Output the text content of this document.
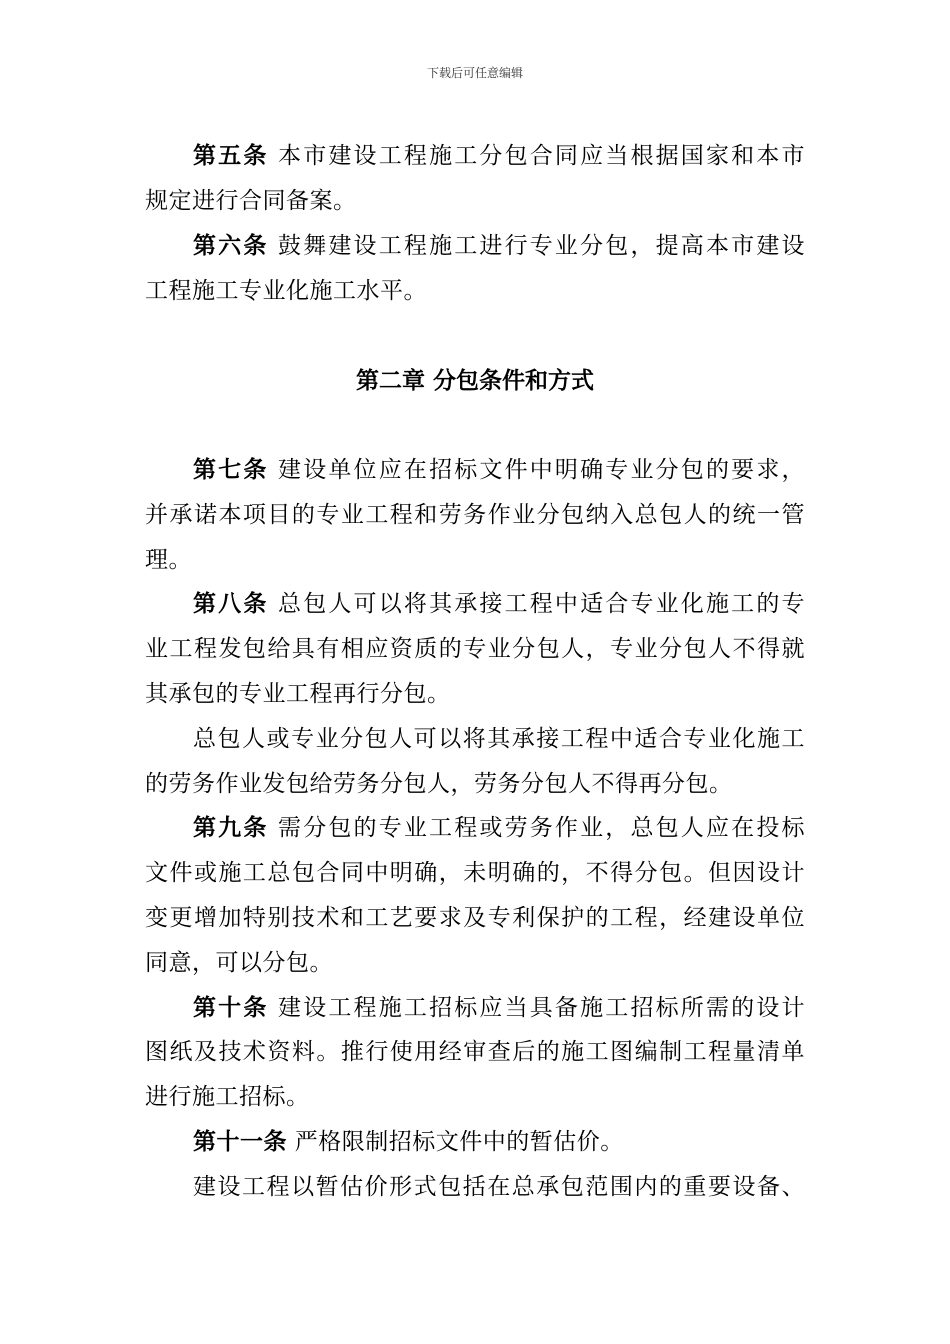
下载后可任意编辑
第五条 本市建设工程施工分包合同应当根据国家和本市
规定进行合同备案。
第六条 鼓舞建设工程施工进行专业分包，提高本市建设
工程施工专业化施工水平。
第二章 分包条件和方式
第七条 建设单位应在招标文件中明确专业分包的要求，
并承诺本项目的专业工程和劳务作业分包纳入总包人的统一管
理。
第八条 总包人可以将其承接工程中适合专业化施工的专
业工程发包给具有相应资质的专业分包人，专业分包人不得就
其承包的专业工程再行分包。
总包人或专业分包人可以将其承接工程中适合专业化施工
的劳务作业发包给劳务分包人，劳务分包人不得再分包。
第九条 需分包的专业工程或劳务作业，总包人应在投标
文件或施工总包合同中明确，未明确的，不得分包。但因设计
变更增加特别技术和工艺要求及专利保护的工程，经建设单位
同意，可以分包。
第十条 建设工程施工招标应当具备施工招标所需的设计
图纸及技术资料。推行使用经审查后的施工图编制工程量清单
进行施工招标。
第十一条 严格限制招标文件中的暂估价。
建设工程以暂估价形式包括在总承包范围内的重要设备、
